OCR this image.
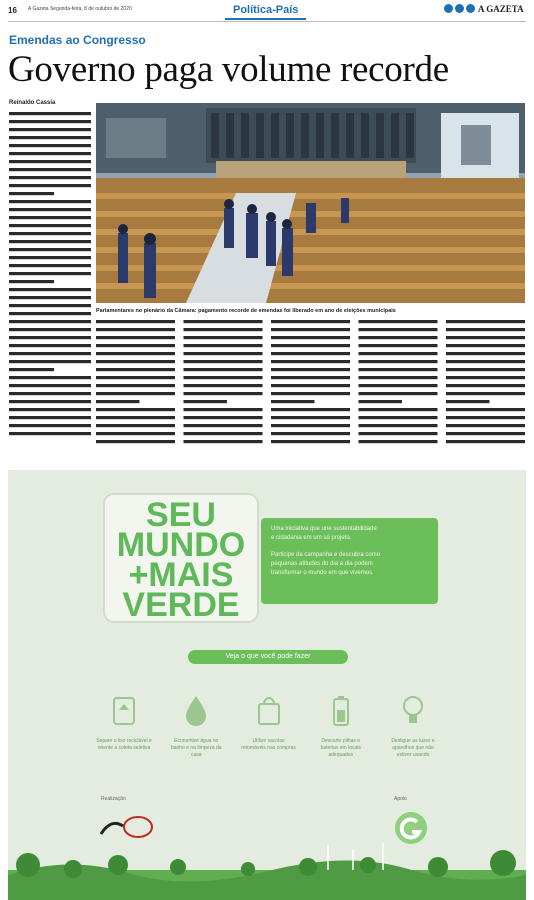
16 A Gazeta Segunda-feira, 8 de outubro de 2020	Política-País	A GAZETA
Emendas ao Congresso
Governo paga volume recorde
Reinaldo Cassia
Parlamentares no plenário da Câmara: pagamento recorde de emendas foi liberado em ano de eleições municipais
SEU
MUNDO
+MAIS
VERDE
Uma iniciativa que une sustentabilidade
e cidadania em um só projeto.
Participe da campanha e descubra como
pequenas atitudes do dia a dia podem
transformar o mundo em que vivemos.
Veja o que você pode fazer
Separe o lixo reciclável e oriente a coleta seletiva
Economize água no banho e na limpeza da casa
Utilize sacolas retornáveis nas compras
Descarte pilhas e baterias em locais adequados
Desligue as luzes e aparelhos que não estiver usando
Realização	Apoio
